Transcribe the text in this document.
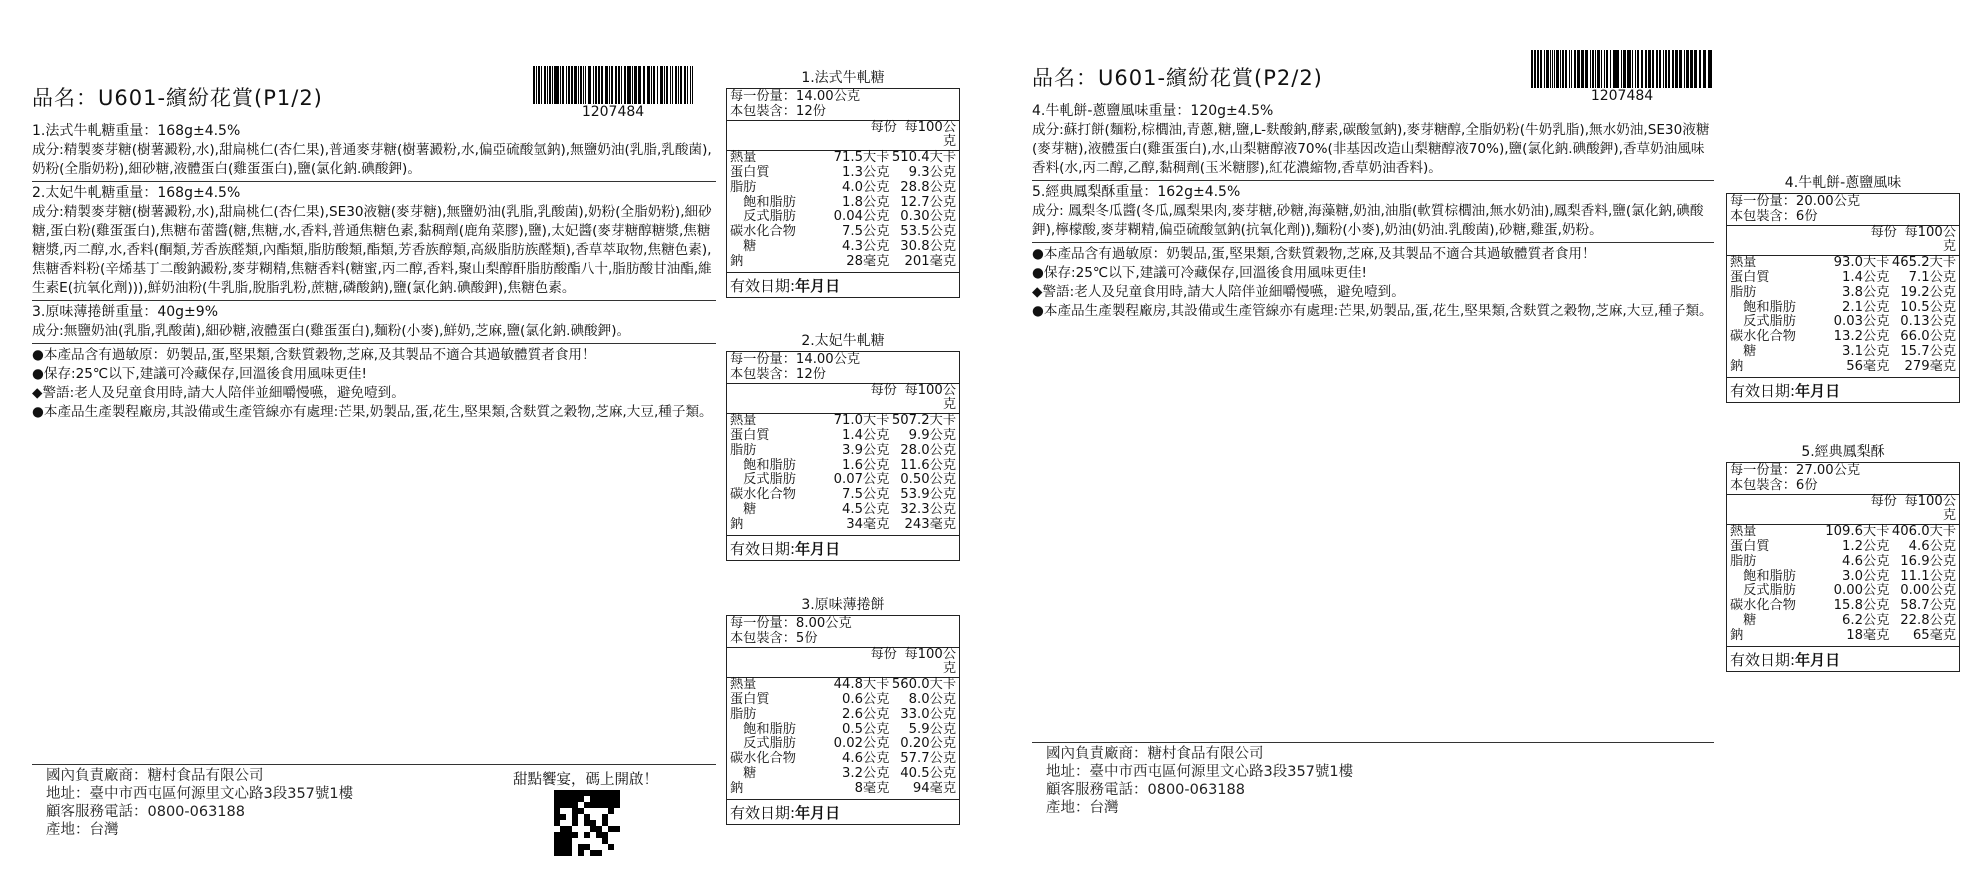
品名：U601-繽紛花賞(P1/2)
1207484

1.法式牛軋糖重量：168g±4.5%

成分:精製麥芽糖(樹薯澱粉,水),甜扁桃仁(杏仁果),普通麥芽糖(樹薯澱粉,水,偏亞硫酸氫鈉),無鹽奶油(乳脂,乳酸菌),奶粉(全脂奶粉),細砂糖,液體蛋白(雞蛋蛋白),鹽(氯化鈉.碘酸鉀)。

2.太妃牛軋糖重量：168g±4.5%

成分:精製麥芽糖(樹薯澱粉,水),甜扁桃仁(杏仁果),SE30液糖(麥芽糖),無鹽奶油(乳脂,乳酸菌),奶粉(全脂奶粉),細砂糖,蛋白粉(雞蛋蛋白),焦糖布蕾醬(糖,焦糖,水,香料,普通焦糖色素,黏稠劑(鹿角菜膠),鹽),太妃醬(麥芽糖醇糖漿,焦糖糖漿,丙二醇,水,香料(酮類,芳香族醛類,內酯類,脂肪酸類,酯類,芳香族醇類,高級脂肪族醛類),香草萃取物,焦糖色素),焦糖香料粉(辛烯基丁二酸鈉澱粉,麥芽糊精,焦糖香料(糖蜜,丙二醇,香料,聚山梨醇酐脂肪酸酯八十,脂肪酸甘油酯,維生素E(抗氧化劑))),鮮奶油粉(牛乳脂,脫脂乳粉,蔗糖,磷酸鈉),鹽(氯化鈉.碘酸鉀),焦糖色素。

3.原味薄捲餅重量：40g±9%

成分:無鹽奶油(乳脂,乳酸菌),細砂糖,液體蛋白(雞蛋蛋白),麵粉(小麥),鮮奶,芝麻,鹽(氯化鈉.碘酸鉀)。

●本產品含有過敏原：奶製品,蛋,堅果類,含麩質穀物,芝麻,及其製品不適合其過敏體質者食用！

●保存:25℃以下,建議可冷藏保存,回溫後食用風味更佳!

◆警語:老人及兒童食用時,請大人陪伴並細嚼慢嚥，避免噎到。

●本產品生產製程廠房,其設備或生產管線亦有處理:芒果,奶製品,蛋,花生,堅果類,含麩質之穀物,芝麻,大豆,種子類。

國內負責廠商：糖村食品有限公司
地址：臺中市西屯區何源里文心路3段357號1樓
顧客服務電話：0800-063188
產地：台灣
甜點饗宴，碼上開啟！
1.法式牛軋糖
每一份量：14.00公克
本包裝含：12份
每份 每100公克
熱量	71.5大卡 510.4大卡
蛋白質	1.3公克	9.3公克
脂肪	4.0公克 28.8公克
　飽和脂肪	1.8公克 12.7公克
　反式脂肪	0.04公克 0.30公克
碳水化合物	7.5公克 53.5公克
　糖	4.3公克 30.8公克
鈉	28毫克	201毫克
有效日期:年月日
2.太妃牛軋糖
每一份量：14.00公克
本包裝含：12份
每份 每100公克
熱量	71.0大卡 507.2大卡
蛋白質	1.4公克	9.9公克
脂肪	3.9公克 28.0公克
　飽和脂肪	1.6公克 11.6公克
　反式脂肪	0.07公克 0.50公克
碳水化合物	7.5公克 53.9公克
　糖	4.5公克 32.3公克
鈉	34毫克	243毫克
有效日期:年月日
3.原味薄捲餅
每一份量：8.00公克
本包裝含：5份
每份 每100公克
熱量	44.8大卡 560.0大卡
蛋白質	0.6公克	8.0公克
脂肪	2.6公克 33.0公克
　飽和脂肪	0.5公克	5.9公克
　反式脂肪	0.02公克 0.20公克
碳水化合物	4.6公克 57.7公克
　糖	3.2公克 40.5公克
鈉	8毫克	94毫克
有效日期:年月日
品名：U601-繽紛花賞(P2/2)
1207484

4.牛軋餅-蔥鹽風味重量：120g±4.5%

成分:蘇打餅(麵粉,棕櫚油,青蔥,糖,鹽,L-麩酸鈉,酵素,碳酸氫鈉),麥芽糖醇,全脂奶粉(牛奶乳脂),無水奶油,SE30液糖(麥芽糖),液體蛋白(雞蛋蛋白),水,山梨糖醇液70%(非基因改造山梨糖醇液70%),鹽(氯化鈉.碘酸鉀),香草奶油風味香料(水,丙二醇,乙醇,黏稠劑(玉米糖膠),紅花濃縮物,香草奶油香料)。

5.經典鳳梨酥重量：162g±4.5%

成分: 鳳梨冬瓜醬(冬瓜,鳳梨果肉,麥芽糖,砂糖,海藻糖,奶油,油脂(軟質棕櫚油,無水奶油),鳳梨香料,鹽(氯化鈉,碘酸鉀),檸檬酸,麥芽糊精,偏亞硫酸氫鈉(抗氧化劑)),麵粉(小麥),奶油(奶油.乳酸菌),砂糖,雞蛋,奶粉。

●本產品含有過敏原：奶製品,蛋,堅果類,含麩質穀物,芝麻,及其製品不適合其過敏體質者食用！

●保存:25℃以下,建議可冷藏保存,回溫後食用風味更佳!

◆警語:老人及兒童食用時,請大人陪伴並細嚼慢嚥，避免噎到。

●本產品生產製程廠房,其設備或生產管線亦有處理:芒果,奶製品,蛋,花生,堅果類,含麩質之穀物,芝麻,大豆,種子類。

國內負責廠商：糖村食品有限公司
地址：臺中市西屯區何源里文心路3段357號1樓
顧客服務電話：0800-063188
產地：台灣
4.牛軋餅-蔥鹽風味
每一份量：20.00公克
本包裝含：6份
每份 每100公克
熱量	93.0大卡 465.2大卡
蛋白質	1.4公克	7.1公克
脂肪	3.8公克 19.2公克
　飽和脂肪	2.1公克 10.5公克
　反式脂肪	0.03公克 0.13公克
碳水化合物	13.2公克 66.0公克
　糖	3.1公克 15.7公克
鈉	56毫克	279毫克
有效日期:年月日
5.經典鳳梨酥
每一份量：27.00公克
本包裝含：6份
每份 每100公克
熱量	109.6大卡 406.0大卡
蛋白質	1.2公克	4.6公克
脂肪	4.6公克 16.9公克
　飽和脂肪	3.0公克 11.1公克
　反式脂肪	0.00公克 0.00公克
碳水化合物	15.8公克 58.7公克
　糖	6.2公克 22.8公克
鈉	18毫克	65毫克
有效日期:年月日
